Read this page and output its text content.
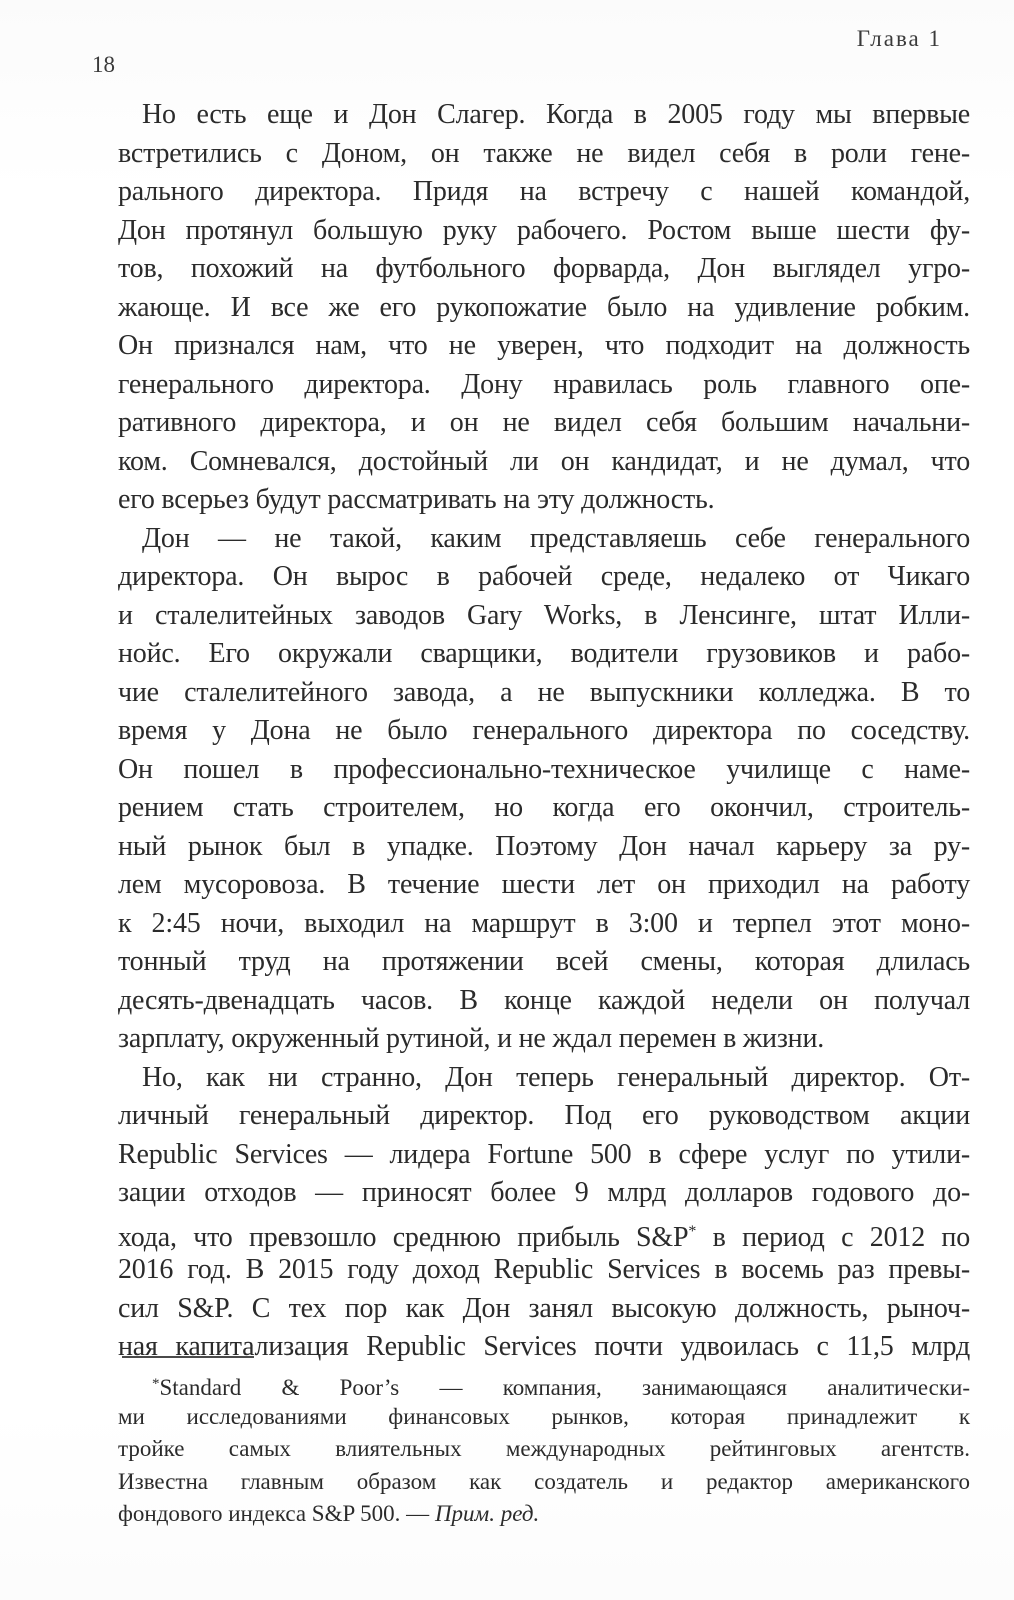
Глава 1
18
Но есть еще и Дон Слагер. Когда в 2005 году мы впервые
встретились с Доном, он также не видел себя в роли гене-
рального директора. Придя на встречу с нашей командой,
Дон протянул большую руку рабочего. Ростом выше шести фу-
тов, похожий на футбольного форварда, Дон выглядел угро-
жающе. И все же его рукопожатие было на удивление робким.
Он признался нам, что не уверен, что подходит на должность
генерального директора. Дону нравилась роль главного опе-
ративного директора, и он не видел себя большим начальни-
ком. Сомневался, достойный ли он кандидат, и не думал, что
его всерьез будут рассматривать на эту должность.
Дон — не такой, каким представляешь себе генерального
директора. Он вырос в рабочей среде, недалеко от Чикаго
и сталелитейных заводов Gary Works, в Ленсинге, штат Илли-
нойс. Его окружали сварщики, водители грузовиков и рабо-
чие сталелитейного завода, а не выпускники колледжа. В то
время у Дона не было генерального директора по соседству.
Он пошел в профессионально-техническое училище с наме-
рением стать строителем, но когда его окончил, строитель-
ный рынок был в упадке. Поэтому Дон начал карьеру за ру-
лем мусоровоза. В течение шести лет он приходил на работу
к 2:45 ночи, выходил на маршрут в 3:00 и терпел этот моно-
тонный труд на протяжении всей смены, которая длилась
десять-двенадцать часов. В конце каждой недели он получал
зарплату, окруженный рутиной, и не ждал перемен в жизни.
Но, как ни странно, Дон теперь генеральный директор. От-
личный генеральный директор. Под его руководством акции
Republic Services — лидера Fortune 500 в сфере услуг по утили-
зации отходов — приносят более 9 млрд долларов годового до-
хода, что превзошло среднюю прибыль S&P* в период с 2012 по
2016 год. В 2015 году доход Republic Services в восемь раз превы-
сил S&P. С тех пор как Дон занял высокую должность, рыноч-
ная капитализация Republic Services почти удвоилась с 11,5 млрд
*Standard & Poor’s — компания, занимающаяся аналитически-
ми исследованиями финансовых рынков, которая принадлежит к
тройке самых влиятельных международных рейтинговых агентств.
Известна главным образом как создатель и редактор американского
фондового индекса S&P 500. — Прим. ред.
